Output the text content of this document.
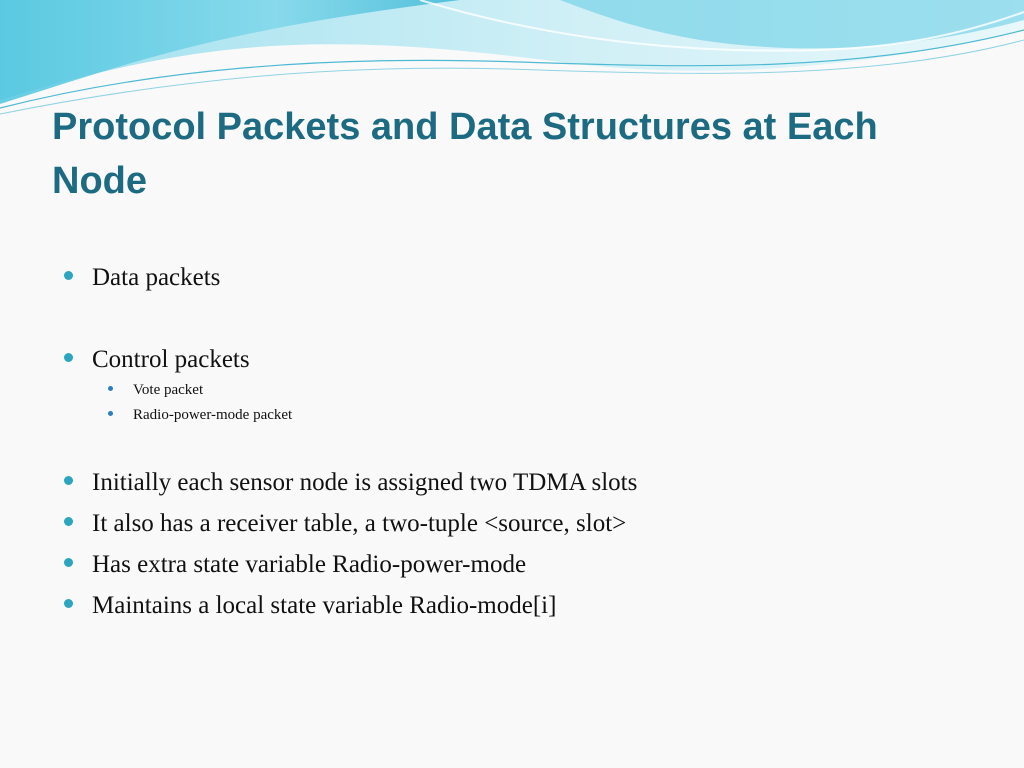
Protocol Packets and Data Structures at Each Node
Data packets
Control packets
Vote packet
Radio-power-mode packet
Initially each sensor node is assigned two TDMA slots
It also has a receiver table, a two-tuple <source, slot>
Has extra state variable Radio-power-mode
Maintains a local state variable Radio-mode[i]
